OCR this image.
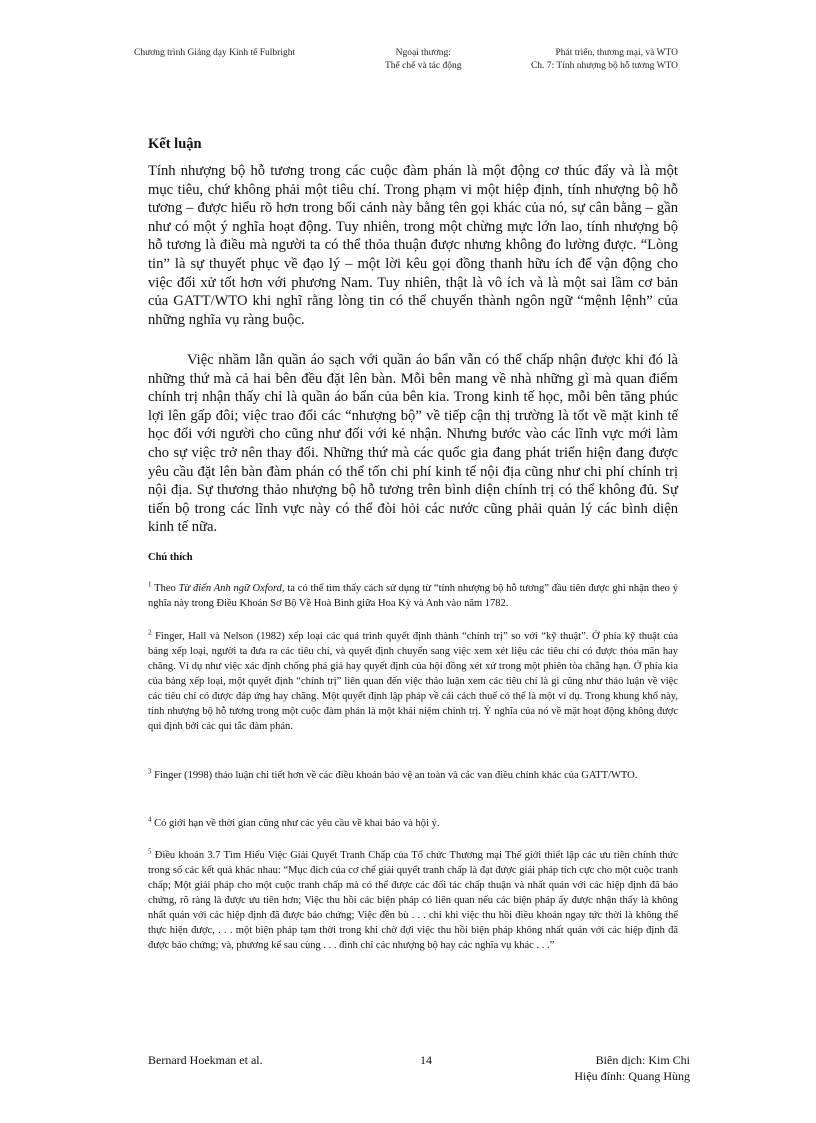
Chương trình Giảng dạy Kinh tế Fulbright	Ngoại thương:
Thể chế và tác động
Phát triển, thương mại, và WTO
Ch. 7: Tính nhượng bộ hỗ tương WTO
Kết luận

Tính nhượng bộ hỗ tương trong các cuộc đàm phán là một động cơ thúc đẩy và là một mục tiêu, chứ không phải một tiêu chí. Trong phạm vi một hiệp định, tính nhượng bộ hỗ tương – được hiểu rõ hơn trong bối cảnh này bằng tên gọi khác của nó, sự cân bằng – gần như có một ý nghĩa hoạt động. Tuy nhiên, trong một chừng mực lớn lao, tính nhượng bộ hỗ tương là điều mà người ta có thể thỏa thuận được nhưng không đo lường được. “Lòng tin” là sự thuyết phục về đạo lý – một lời kêu gọi đồng thanh hữu ích để vận động cho việc đối xử tốt hơn với phương Nam. Tuy nhiên, thật là vô ích và là một sai lầm cơ bản của GATT/WTO khi nghĩ rằng lòng tin có thể chuyển thành ngôn ngữ “mệnh lệnh” của những nghĩa vụ ràng buộc.

Việc nhầm lẫn quần áo sạch với quần áo bẩn vẫn có thể chấp nhận được khi đó là những thứ mà cả hai bên đều đặt lên bàn. Mỗi bên mang về nhà những gì mà quan điểm chính trị nhận thấy chỉ là quần áo bẩn của bên kia. Trong kinh tế học, mỗi bên tăng phúc lợi lên gấp đôi; việc trao đổi các “nhượng bộ” về tiếp cận thị trường là tốt về mặt kinh tế học đối với người cho cũng như đối với kẻ nhận. Nhưng bước vào các lĩnh vực mới làm cho sự việc trở nên thay đổi. Những thứ mà các quốc gia đang phát triển hiện đang được yêu cầu đặt lên bàn đàm phán có thể tốn chi phí kinh tế nội địa cũng như chi phí chính trị nội địa. Sự thương thảo nhượng bộ hỗ tương trên bình diện chính trị có thể không đủ. Sự tiến bộ trong các lĩnh vực này có thể đòi hỏi các nước cũng phải quản lý các bình diện kinh tế nữa.

Chú thích

$^1$ Theo Từ điển Anh ngữ Oxford, ta có thể tìm thấy cách sử dụng từ “tính nhượng bộ hỗ tương” đầu tiên được ghi nhận theo ý nghĩa này trong Điều Khoản Sơ Bộ Về Hoà Bình giữa Hoa Kỳ và Anh vào năm 1782.

$^2$ Finger, Hall và Nelson (1982) xếp loại các quá trình quyết định thành “chính trị” so với “kỹ thuật”. Ở phía kỹ thuật của bảng xếp loại, người ta đưa ra các tiêu chí, và quyết định chuyển sang việc xem xét liệu các tiêu chí có được thỏa mãn hay chăng. Ví dụ như việc xác định chống phá giá hay quyết định của hội đồng xét xử trong một phiên tòa chẳng hạn. Ở phía kia của bảng xếp loại, một quyết định “chính trị” liên quan đến việc thảo luận xem các tiêu chí là gì cũng như thảo luận về việc các tiêu chí có được đáp ứng hay chăng. Một quyết định lập pháp về cải cách thuế có thể là một ví dụ. Trong khung khổ này, tính nhượng bộ hỗ tương trong một cuộc đàm phán là một khái niệm chính trị. Ý nghĩa của nó về mặt hoạt động không được qui định bởi các qui tắc đàm phán.

$^3$ Finger (1998) thảo luận chi tiết hơn về các điều khoản bảo vệ an toàn và các van điều chỉnh khác của GATT/WTO.

$^4$ Có giới hạn về thời gian cũng như các yêu cầu về khai báo và hội ý.

$^5$ Điều khoản 3.7 Tìm Hiểu Việc Giải Quyết Tranh Chấp của Tổ chức Thương mại Thế giới thiết lập các ưu tiên chính thức trong số các kết quả khác nhau: “Mục đích của cơ chế giải quyết tranh chấp là đạt được giải pháp tích cực cho một cuộc tranh chấp; Một giải pháp cho một cuộc tranh chấp mà có thể được các đối tác chấp thuận và nhất quán với các hiệp định đã bảo chứng, rõ ràng là được ưu tiên hơn; Việc thu hồi các biện pháp có liên quan nếu các biện pháp ấy được nhận thấy là không nhất quán với các hiệp định đã được bảo chứng; Việc đền bù . . . chỉ khi việc thu hồi điều khoản ngay tức thời là không thể thực hiện được, . . . một biện pháp tạm thời trong khi chờ đợi việc thu hồi biện pháp không nhất quán với các hiệp định đã được bảo chứng; và, phương kế sau cùng . . . đình chỉ các nhượng bộ hay các nghĩa vụ khác . . .”

Bernard Hoekman et al.	14	Biên dịch: Kim Chi
Hiệu đính: Quang Hùng
